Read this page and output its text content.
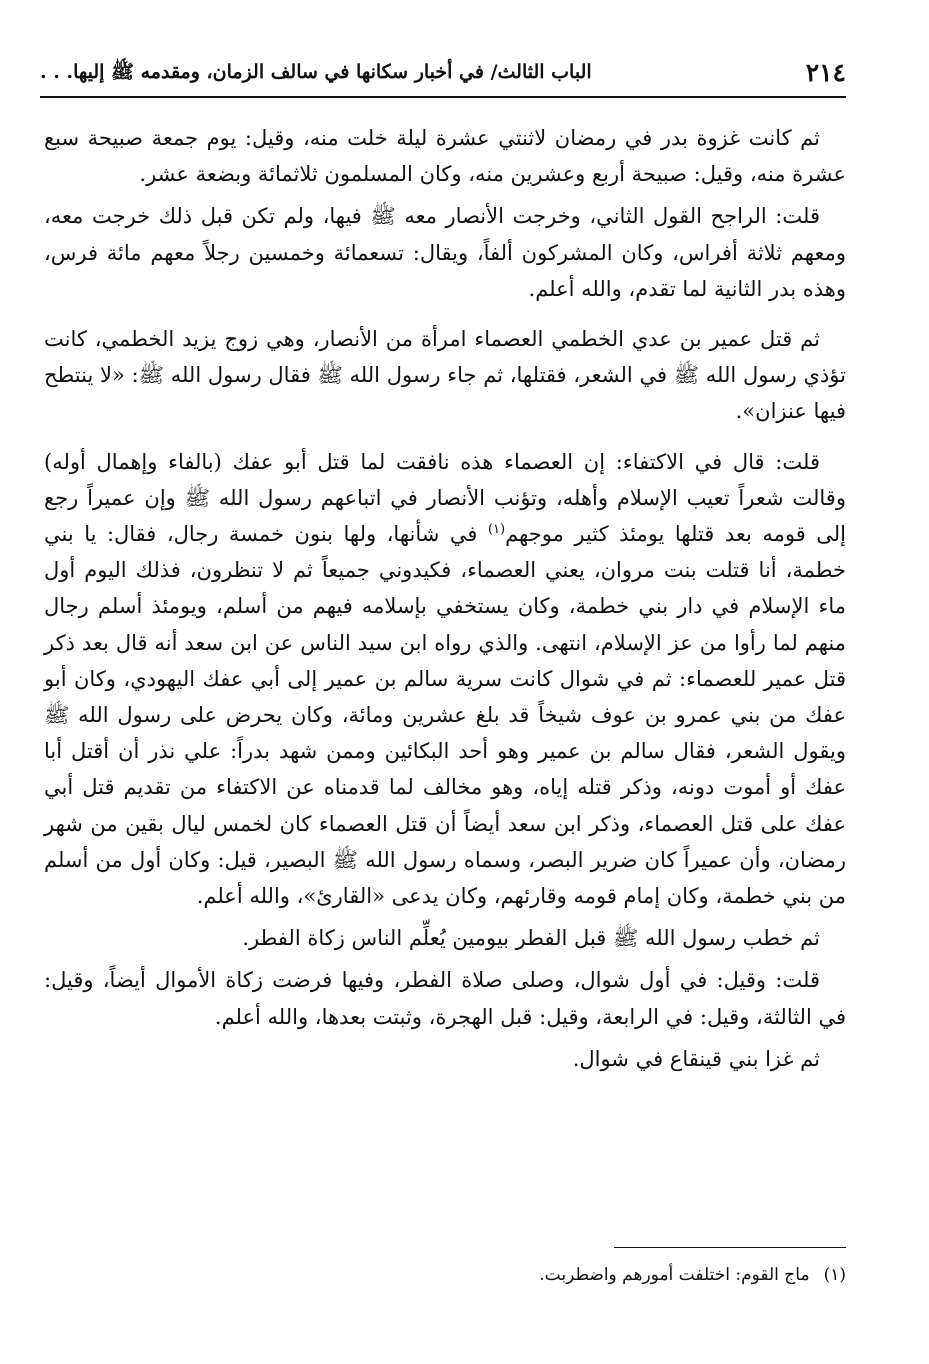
٢١٤
الباب الثالث/ في أخبار سكانها في سالف الزمان، ومقدمه ﷺ إليها. . .

ثم كانت غزوة بدر في رمضان لاثنتي عشرة ليلة خلت منه، وقيل: يوم جمعة صبيحة سبع عشرة منه، وقيل: صبيحة أربع وعشرين منه، وكان المسلمون ثلاثمائة وبضعة عشر.

قلت: الراجح القول الثاني، وخرجت الأنصار معه ﷺ فيها، ولم تكن قبل ذلك خرجت معه، ومعهم ثلاثة أفراس، وكان المشركون ألفاً، ويقال: تسعمائة وخمسين رجلاً معهم مائة فرس، وهذه بدر الثانية لما تقدم، والله أعلم.

ثم قتل عمير بن عدي الخطمي العصماء امرأة من الأنصار، وهي زوج يزيد الخطمي، كانت تؤذي رسول الله ﷺ في الشعر، فقتلها، ثم جاء رسول الله ﷺ فقال رسول الله ﷺ: «لا ينتطح فيها عنزان».

قلت: قال في الاكتفاء: إن العصماء هذه نافقت لما قتل أبو عفك (بالفاء وإهمال أوله) وقالت شعراً تعيب الإسلام وأهله، وتؤنب الأنصار في اتباعهم رسول الله ﷺ وإن عميراً رجع إلى قومه بعد قتلها يومئذ كثير موجهم$^{(١)}$ في شأنها، ولها بنون خمسة رجال، فقال: يا بني خطمة، أنا قتلت بنت مروان، يعني العصماء، فكيدوني جميعاً ثم لا تنظرون، فذلك اليوم أول ماء الإسلام في دار بني خطمة، وكان يستخفي بإسلامه فيهم من أسلم، ويومئذ أسلم رجال منهم لما رأوا من عز الإسلام، انتهى. والذي رواه ابن سيد الناس عن ابن سعد أنه قال بعد ذكر قتل عمير للعصماء: ثم في شوال كانت سرية سالم بن عمير إلى أبي عفك اليهودي، وكان أبو عفك من بني عمرو بن عوف شيخاً قد بلغ عشرين ومائة، وكان يحرض على رسول الله ﷺ ويقول الشعر، فقال سالم بن عمير وهو أحد البكائين وممن شهد بدراً: علي نذر أن أقتل أبا عفك أو أموت دونه، وذكر قتله إياه، وهو مخالف لما قدمناه عن الاكتفاء من تقديم قتل أبي عفك على قتل العصماء، وذكر ابن سعد أيضاً أن قتل العصماء كان لخمس ليال بقين من شهر رمضان، وأن عميراً كان ضرير البصر، وسماه رسول الله ﷺ البصير، قيل: وكان أول من أسلم من بني خطمة، وكان إمام قومه وقارئهم، وكان يدعى «القارئ»، والله أعلم.

ثم خطب رسول الله ﷺ قبل الفطر بيومين يُعلِّم الناس زكاة الفطر.

قلت: وقيل: في أول شوال، وصلى صلاة الفطر، وفيها فرضت زكاة الأموال أيضاً، وقيل: في الثالثة، وقيل: في الرابعة، وقيل: قبل الهجرة، وثبتت بعدها، والله أعلم.

ثم غزا بني قينقاع في شوال.

(١)ماج القوم: اختلفت أمورهم واضطربت.
